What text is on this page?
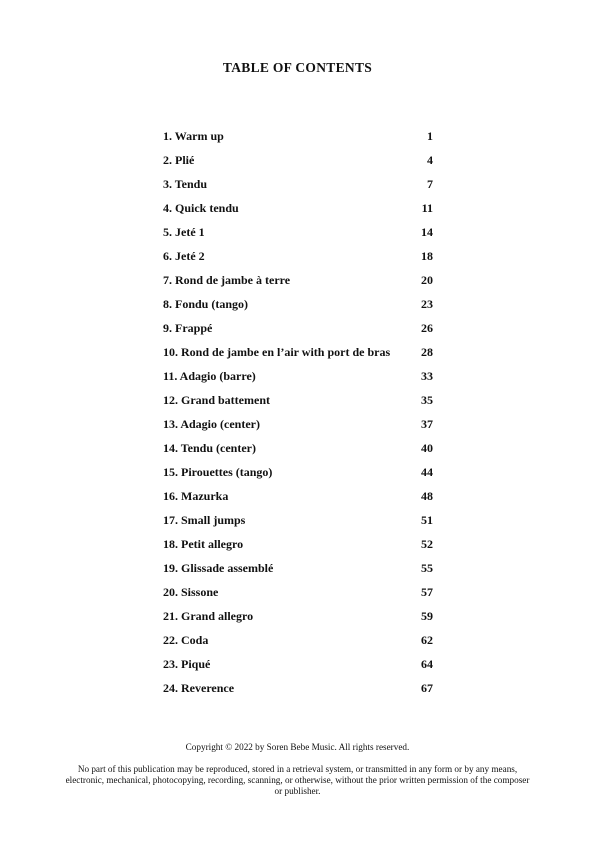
TABLE OF CONTENTS
1. Warm up	1
2. Plié	4
3. Tendu	7
4. Quick tendu	11
5. Jeté 1	14
6. Jeté 2	18
7. Rond de jambe à terre	20
8. Fondu (tango)	23
9. Frappé	26
10. Rond de jambe en l’air with port de bras	28
11. Adagio (barre)	33
12. Grand battement	35
13. Adagio (center)	37
14. Tendu (center)	40
15. Pirouettes (tango)	44
16. Mazurka	48
17. Small jumps	51
18. Petit allegro	52
19. Glissade assemblé	55
20. Sissone	57
21. Grand allegro	59
22. Coda	62
23. Piqué	64
24. Reverence	67
Copyright © 2022 by Soren Bebe Music. All rights reserved.
No part of this publication may be reproduced, stored in a retrieval system, or transmitted in any form or by any means, electronic, mechanical, photocopying, recording, scanning, or otherwise, without the prior written permission of the composer or publisher.
